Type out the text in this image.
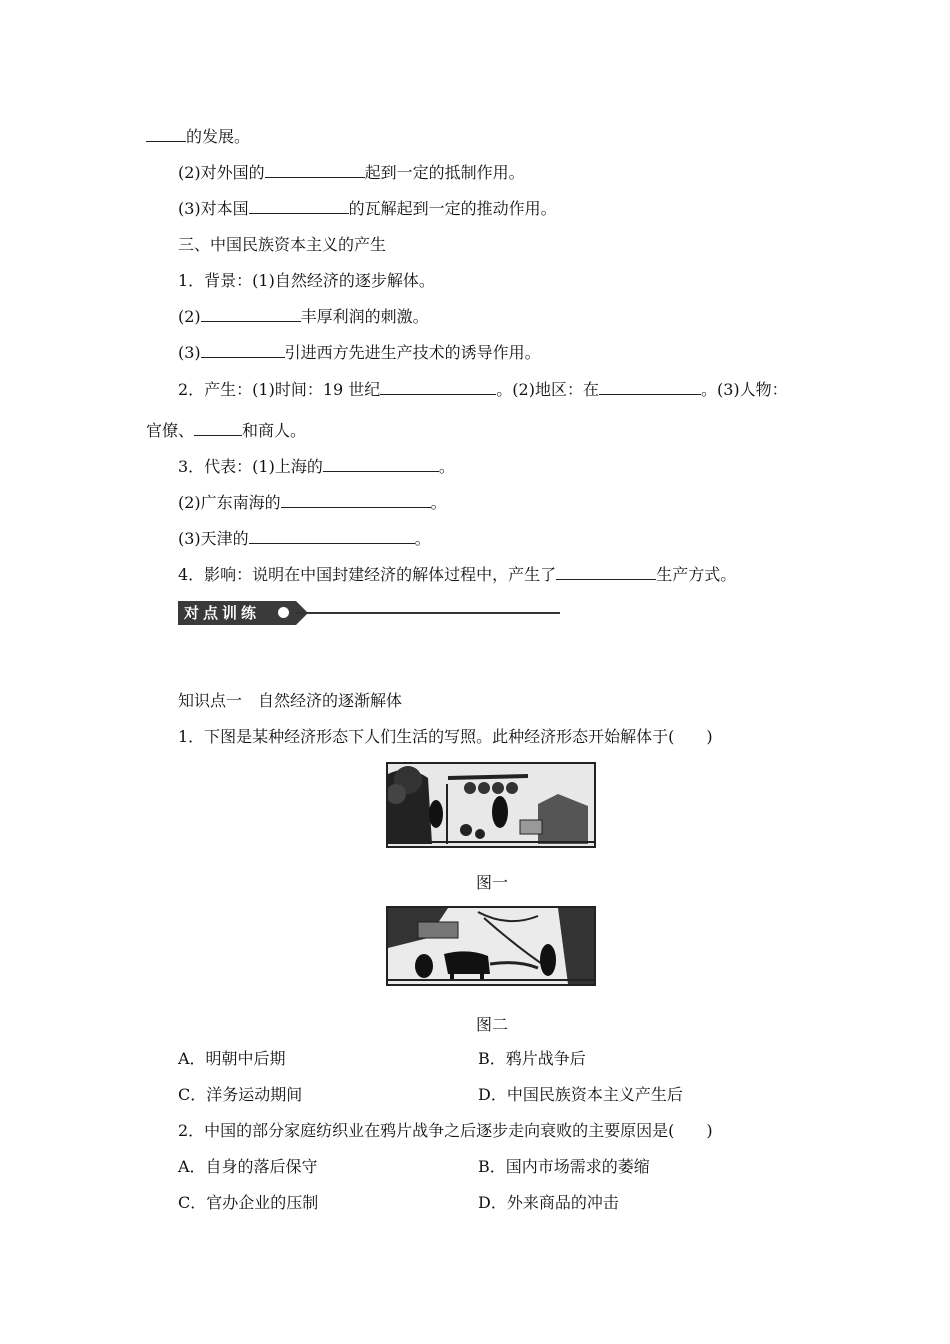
的发展。
(2)对外国的	起到一定的抵制作用。
(3)对本国	的瓦解起到一定的推动作用。
三、中国民族资本主义的产生
1．背景：(1)自然经济的逐步解体。
(2)	丰厚利润的刺激。
(3)	引进西方先进生产技术的诱导作用。
2．产生：(1)时间：19 世纪	。(2)地区：在	。(3)人物：
官僚、	和商人。
3．代表：(1)上海的	。
(2)广东南海的	。
(3)天津的	。
4．影响：说明在中国封建经济的解体过程中，产生了	生产方式。
对点训练
知识点一　自然经济的逐渐解体
1．下图是某种经济形态下人们生活的写照。此种经济形态开始解体于(　　)
图一
图二
A．明朝中后期	B．鸦片战争后
C．洋务运动期间	D．中国民族资本主义产生后
2．中国的部分家庭纺织业在鸦片战争之后逐步走向衰败的主要原因是(　　)
A．自身的落后保守	B．国内市场需求的萎缩
C．官办企业的压制	D．外来商品的冲击
